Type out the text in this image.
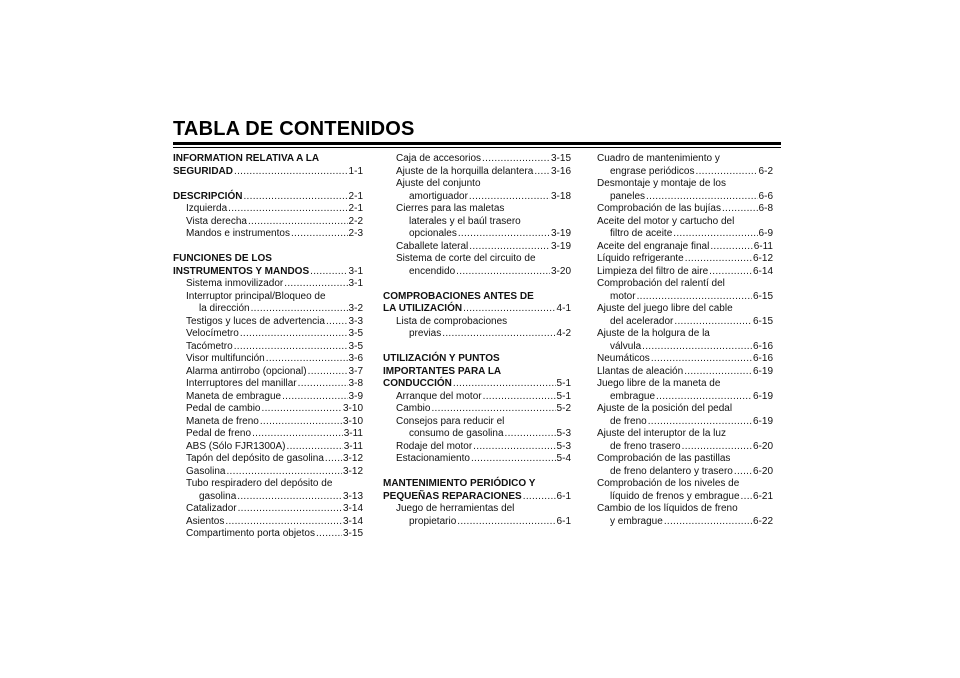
TABLA DE CONTENIDOS
INFORMATION RELATIVA A LA
SEGURIDAD .....	1-1
DESCRIPCIÓN .....	2-1
Izquierda .....	2-1
Vista derecha .....	2-2
Mandos e instrumentos .....	2-3
FUNCIONES DE LOS
INSTRUMENTOS Y MANDOS .....	3-1
Sistema inmovilizador .....	3-1
Interruptor principal/Bloqueo de
la dirección .....	3-2
Testigos y luces de advertencia ..... 3-3
Velocímetro .....	3-5
Tacómetro .....	3-5
Visor multifunción .....	3-6
Alarma antirrobo (opcional) .....	3-7
Interruptores del manillar .....	3-8
Maneta de embrague .....	3-9
Pedal de cambio .....	3-10
Maneta de freno .....	3-10
Pedal de freno .....	3-11
ABS (Sólo FJR1300A) .....	3-11
Tapón del depósito de gasolina ..... 3-12
Gasolina .....	3-12
Tubo respiradero del depósito de
gasolina .....	3-13
Catalizador .....	3-14
Asientos .....	3-14
Compartimento porta objetos .....	3-15
Caja de accesorios .....	3-15
Ajuste de la horquilla delantera ..... 3-16
Ajuste del conjunto
amortiguador .....	3-18
Cierres para las maletas
laterales y el baúl trasero
opcionales .....	3-19
Caballete lateral .....	3-19
Sistema de corte del circuito de
encendido .....	3-20
COMPROBACIONES ANTES DE
LA UTILIZACIÓN .....	4-1
Lista de comprobaciones
previas .....	4-2
UTILIZACIÓN Y PUNTOS
IMPORTANTES PARA LA
CONDUCCIÓN .....	5-1
Arranque del motor .....	5-1
Cambio .....	5-2
Consejos para reducir el
consumo de gasolina .....	5-3
Rodaje del motor .....	5-3
Estacionamiento .....	5-4
MANTENIMIENTO PERIÓDICO Y
PEQUEÑAS REPARACIONES .....	6-1
Juego de herramientas del
propietario .....	6-1
Cuadro de mantenimiento y
engrase periódicos .....	6-2
Desmontaje y montaje de los
paneles .....	6-6
Comprobación de las bujías .....	6-8
Aceite del motor y cartucho del
filtro de aceite .....	6-9
Aceite del engranaje final .....	6-11
Líquido refrigerante .....	6-12
Limpieza del filtro de aire .....	6-14
Comprobación del ralentí del
motor .....	6-15
Ajuste del juego libre del cable
del acelerador .....	6-15
Ajuste de la holgura de la
válvula .....	6-16
Neumáticos .....	6-16
Llantas de aleación .....	6-19
Juego libre de la maneta de
embrague .....	6-19
Ajuste de la posición del pedal
de freno .....	6-19
Ajuste del interuptor de la luz
de freno trasero .....	6-20
Comprobación de las pastillas
de freno delantero y trasero ..... 6-20
Comprobación de los niveles de
líquido de frenos y embrague ..... 6-21
Cambio de los líquidos de freno
y embrague .....	6-22
